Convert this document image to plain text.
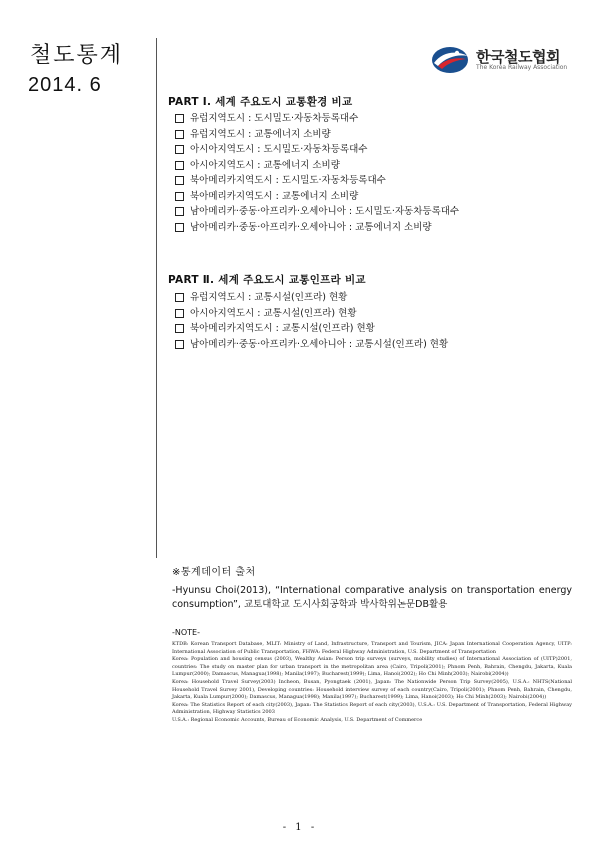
철도통계
2014. 6
한국철도협회
The Korea Railway Association
PART Ⅰ. 세계 주요도시 교통환경 비교
유럽지역도시 : 도시밀도·자동차등록대수
유럽지역도시 : 교통에너지 소비량
아시아지역도시 : 도시밀도·자동차등록대수
아시아지역도시 : 교통에너지 소비량
북아메리카지역도시 : 도시밀도·자동차등록대수
북아메리카지역도시 : 교통에너지 소비량
남아메리카·중동·아프리카·오세아니아 : 도시밀도·자동차등록대수
남아메리카·중동·아프리카·오세아니아 : 교통에너지 소비량
PART Ⅱ. 세계 주요도시 교통인프라 비교
유럽지역도시 : 교통시설(인프라) 현황
아시아지역도시 : 교통시설(인프라) 현황
북아메리카지역도시 : 교통시설(인프라) 현황
남아메리카·중동·아프리카·오세아니아 : 교통시설(인프라) 현황
※통계데이터 출처
-Hyunsu Choi(2013), “International comparative analysis on transportation energy consumption”, 교토대학교 도시사회공학과 박사학위논문DB활용
-NOTE-

KTDB: Korean Transport Database, MLIT: Ministry of Land, Infrastructure, Transport and Tourism, JICA: Japan International Cooperation Agency, UITP: International Association of Public Transportation, FHWA: Federal Highway Administration, U.S. Department of Transportation

Korea: Population and housing census (2003), Wealthy Asian: Person trip surveys (surveys, mobility studies) of International Association of (UITP)2001, countries: The study on master plan for urban transport in the metropolitan area (Cairo, Tripoli(2001); Phnom Penh, Bahrain, Chengdu, Jakarta, Kuala Lumpur(2000); Damascus, Managua(1998); Manila(1997); Bucharest(1999); Lima, Hanoi(2002); Ho Chi Minh(2003); Nairobi(2004))

Korea: Household Travel Survey(2003) Incheon, Busan, Pyongtaek (2001), Japan: The Nationwide Person Trip Survey(2005), U.S.A.: NHTS(National Household Travel Survey 2001), Developing countries: Household interview survey of each country(Cairo, Tripoli(2001); Phnom Penh, Bahrain, Chengdu, Jakarta, Kuala Lumpur(2000); Damascus, Managua(1998); Manila(1997); Bucharest(1999); Lima, Hanoi(2003); Ho Chi Minh(2003); Nairobi(2004))

Korea: The Statistics Report of each city(2003), Japan: The Statistics Report of each city(2003), U.S.A.: U.S. Department of Transportation, Federal Highway Administration, Highway Statistics 2003

U.S.A.: Regional Economic Accounts, Bureau of Economic Analysis, U.S. Department of Commerce

- 1 -
